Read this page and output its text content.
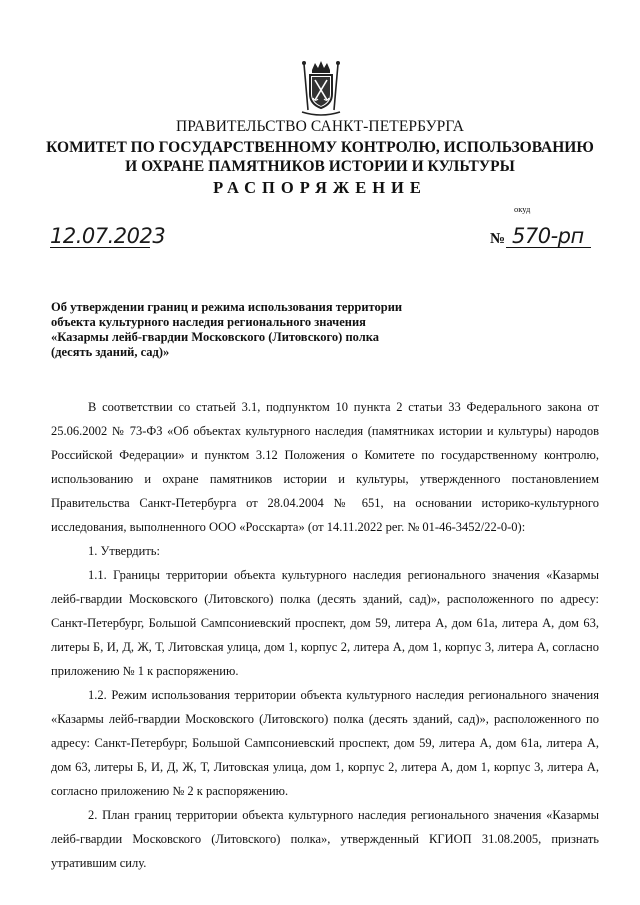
ПРАВИТЕЛЬСТВО САНКТ-ПЕТЕРБУРГА
КОМИТЕТ ПО ГОСУДАРСТВЕННОМУ КОНТРОЛЮ, ИСПОЛЬЗОВАНИЮ
И ОХРАНЕ ПАМЯТНИКОВ ИСТОРИИ И КУЛЬТУРЫ
РАСПОРЯЖЕНИЕ
окуд
12.07.2023	№ 570-рп
Об утверждении границ и режима использования территории
объекта культурного наследия регионального значения
«Казармы лейб-гвардии Московского (Литовского) полка
(десять зданий, сад)»

В соответствии со статьей 3.1, подпунктом 10 пункта 2 статьи 33 Федерального закона от 25.06.2002 № 73-ФЗ «Об объектах культурного наследия (памятниках истории и культуры) народов Российской Федерации» и пунктом 3.12 Положения о Комитете по государственному контролю, использованию и охране памятников истории и культуры, утвержденного постановлением Правительства Санкт-Петербурга от 28.04.2004 № 651, на основании историко-культурного исследования, выполненного ООО «Росскарта» (от 14.11.2022 рег. № 01-46-3452/22-0-0):

1. Утвердить:

1.1. Границы территории объекта культурного наследия регионального значения «Казармы лейб-гвардии Московского (Литовского) полка (десять зданий, сад)», расположенного по адресу: Санкт-Петербург, Большой Сампсониевский проспект, дом 59, литера А, дом 61а, литера А, дом 63, литеры Б, И, Д, Ж, Т, Литовская улица, дом 1, корпус 2, литера А, дом 1, корпус 3, литера А, согласно приложению № 1 к распоряжению.

1.2. Режим использования территории объекта культурного наследия регионального значения «Казармы лейб-гвардии Московского (Литовского) полка (десять зданий, сад)», расположенного по адресу: Санкт-Петербург, Большой Сампсониевский проспект, дом 59, литера А, дом 61а, литера А, дом 63, литеры Б, И, Д, Ж, Т, Литовская улица, дом 1, корпус 2, литера А, дом 1, корпус 3, литера А, согласно приложению № 2 к распоряжению.

2. План границ территории объекта культурного наследия регионального значения «Казармы лейб-гвардии Московского (Литовского) полка», утвержденный КГИОП 31.08.2005, признать утратившим силу.
